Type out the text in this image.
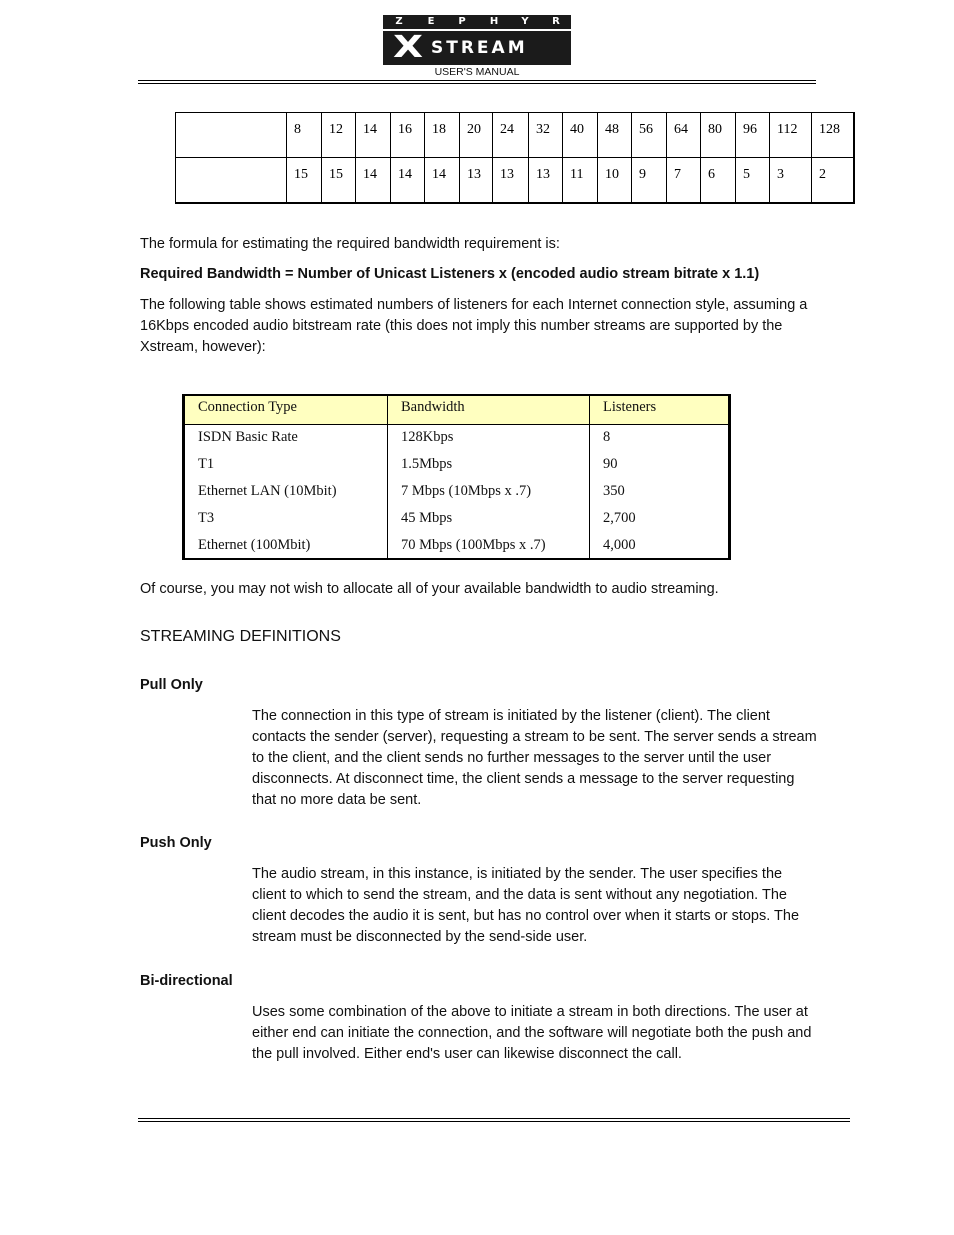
Z	E	P	H	Y	R
X STREAM
USER'S MANUAL
	8	12	14	16	18	20	24	32	40	48	56	64	80	96	112	128
	15	15	14	14	14	13	13	13	11	10	9	7	6	5	3	2
The formula for estimating the required bandwidth requirement is:
Required Bandwidth = Number of Unicast Listeners x (encoded audio stream bitrate x 1.1)
The following table shows estimated numbers of listeners for each Internet connection style, assuming a 16Kbps encoded audio bitstream rate (this does not imply this number streams are supported by the Xstream, however):
Connection Type	Bandwidth	Listeners
ISDN Basic Rate	128Kbps	8
T1	1.5Mbps	90
Ethernet LAN (10Mbit)	7 Mbps (10Mbps x .7)	350
T3	45 Mbps	2,700
Ethernet (100Mbit)	70 Mbps (100Mbps x .7)	4,000
Of course, you may not wish to allocate all of your available bandwidth to audio streaming.
STREAMING DEFINITIONS
Pull Only
The connection in this type of stream is initiated by the listener (client). The client contacts the sender (server), requesting a stream to be sent. The server sends a stream to the client, and the client sends no further messages to the server until the user disconnects. At disconnect time, the client sends a message to the server requesting that no more data be sent.
Push Only
The audio stream, in this instance, is initiated by the sender. The user specifies the client to which to send the stream, and the data is sent without any negotiation. The client decodes the audio it is sent, but has no control over when it starts or stops. The stream must be disconnected by the send-side user.
Bi-directional
Uses some combination of the above to initiate a stream in both directions. The user at either end can initiate the connection, and the software will negotiate both the push and the pull involved. Either end's user can likewise disconnect the call.
